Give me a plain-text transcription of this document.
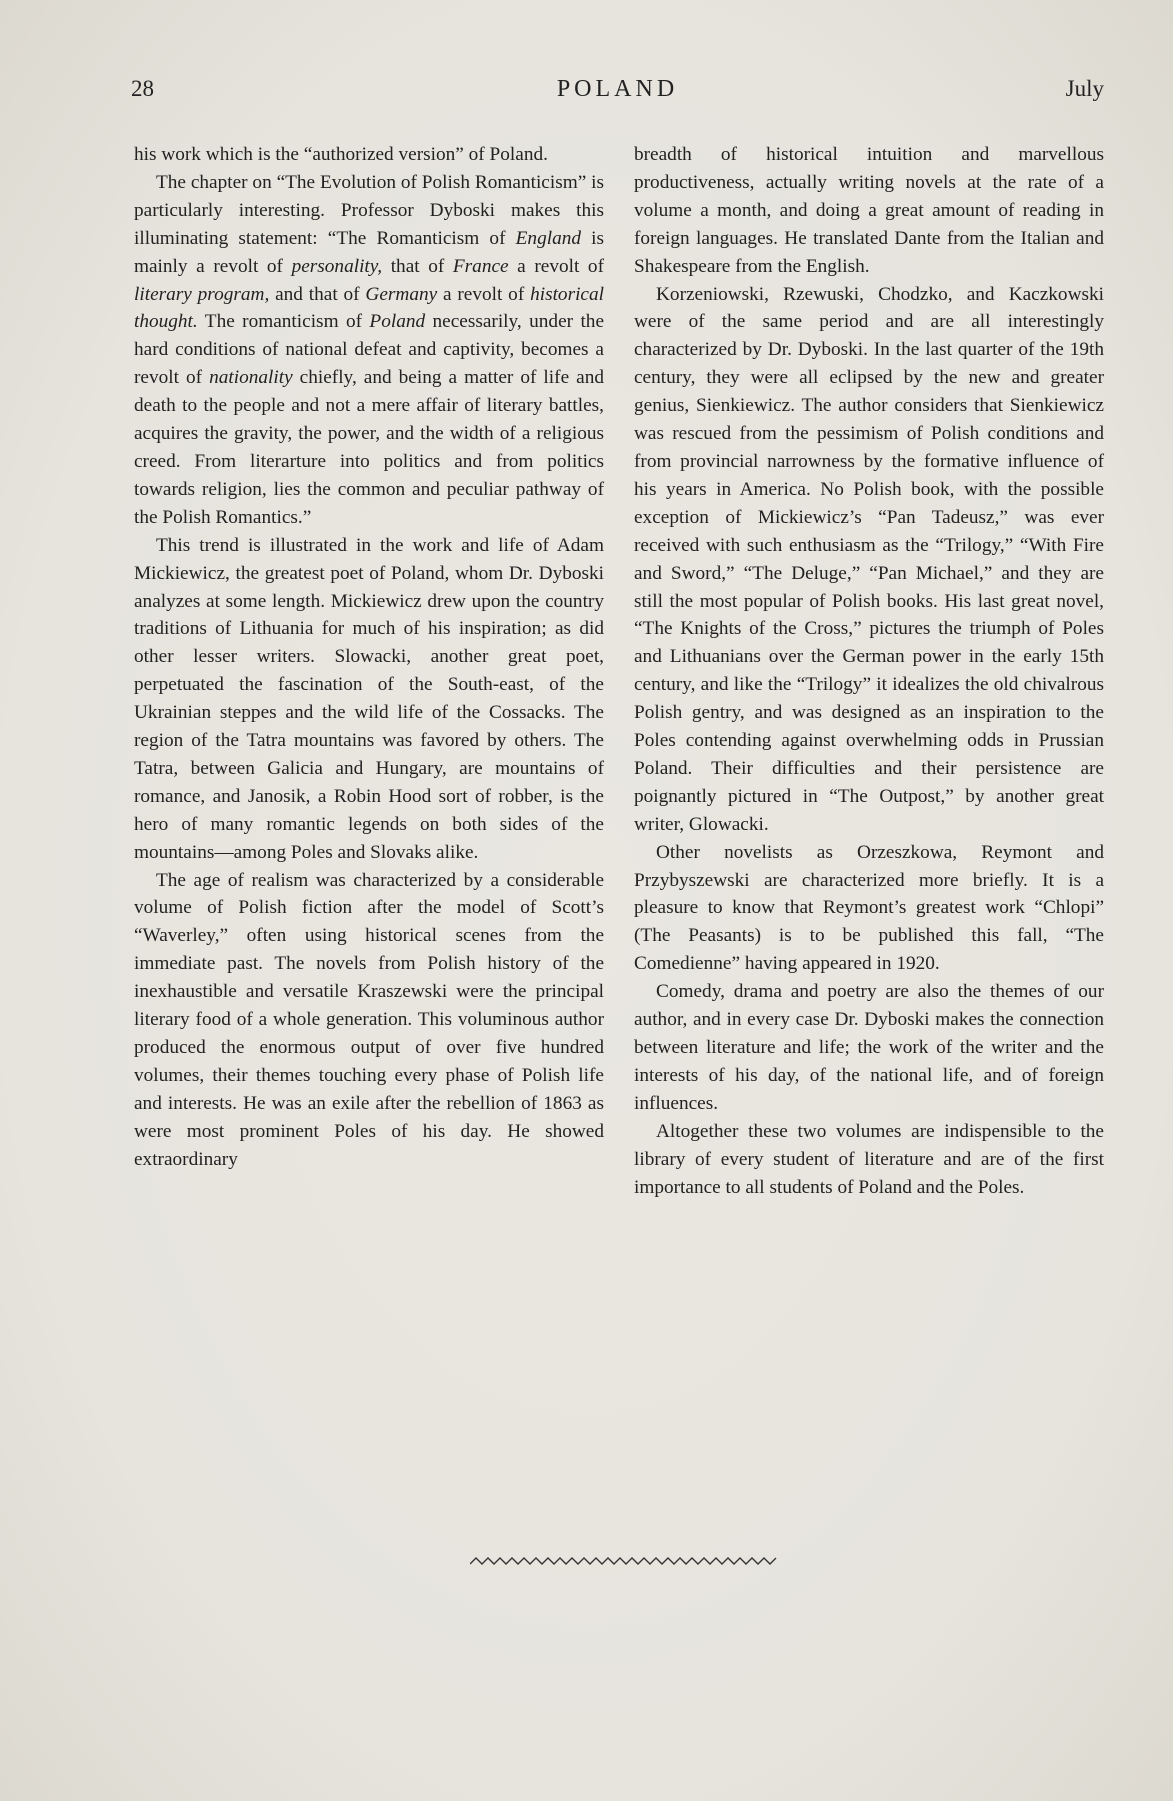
28	POLAND	July

his work which is the “authorized version” of Poland.

The chapter on “The Evolution of Polish Romanticism” is particularly interesting. Professor Dyboski makes this illuminating statement: “The Romanticism of England is mainly a revolt of personality, that of France a revolt of literary program, and that of Germany a revolt of historical thought. The romanticism of Poland necessarily, under the hard conditions of national defeat and captivity, becomes a revolt of nationality chiefly, and being a matter of life and death to the people and not a mere affair of literary battles, acquires the gravity, the power, and the width of a religious creed. From literarture into politics and from politics towards religion, lies the common and peculiar pathway of the Polish Romantics.”

This trend is illustrated in the work and life of Adam Mickiewicz, the greatest poet of Poland, whom Dr. Dyboski analyzes at some length. Mickiewicz drew upon the country traditions of Lithuania for much of his inspiration; as did other lesser writers. Slowacki, another great poet, perpetuated the fascination of the South-east, of the Ukrainian steppes and the wild life of the Cossacks. The region of the Tatra mountains was favored by others. The Tatra, between Galicia and Hungary, are mountains of romance, and Janosik, a Robin Hood sort of robber, is the hero of many romantic legends on both sides of the mountains—among Poles and Slovaks alike.

The age of realism was characterized by a considerable volume of Polish fiction after the model of Scott’s “Waverley,” often using historical scenes from the immediate past. The novels from Polish history of the inexhaustible and versatile Kraszewski were the principal literary food of a whole generation. This voluminous author produced the enormous output of over five hundred volumes, their themes touching every phase of Polish life and interests. He was an exile after the rebellion of 1863 as were most prominent Poles of his day. He showed extraordinary

breadth of historical intuition and marvellous productiveness, actually writing novels at the rate of a volume a month, and doing a great amount of reading in foreign languages. He translated Dante from the Italian and Shakespeare from the English.

Korzeniowski, Rzewuski, Chodzko, and Kaczkowski were of the same period and are all interestingly characterized by Dr. Dyboski. In the last quarter of the 19th century, they were all eclipsed by the new and greater genius, Sienkiewicz. The author considers that Sienkiewicz was rescued from the pessimism of Polish conditions and from provincial narrowness by the formative influence of his years in America. No Polish book, with the possible exception of Mickiewicz’s “Pan Tadeusz,” was ever received with such enthusiasm as the “Trilogy,” “With Fire and Sword,” “The Deluge,” “Pan Michael,” and they are still the most popular of Polish books. His last great novel, “The Knights of the Cross,” pictures the triumph of Poles and Lithuanians over the German power in the early 15th century, and like the “Trilogy” it idealizes the old chivalrous Polish gentry, and was designed as an inspiration to the Poles contending against overwhelming odds in Prussian Poland. Their difficulties and their persistence are poignantly pictured in “The Outpost,” by another great writer, Glowacki.

Other novelists as Orzeszkowa, Reymont and Przybyszewski are characterized more briefly. It is a pleasure to know that Reymont’s greatest work “Chlopi” (The Peasants) is to be published this fall, “The Comedienne” having appeared in 1920.

Comedy, drama and poetry are also the themes of our author, and in every case Dr. Dyboski makes the connection between literature and life; the work of the writer and the interests of his day, of the national life, and of foreign influences.

Altogether these two volumes are indispensible to the library of every student of literature and are of the first importance to all students of Poland and the Poles.
